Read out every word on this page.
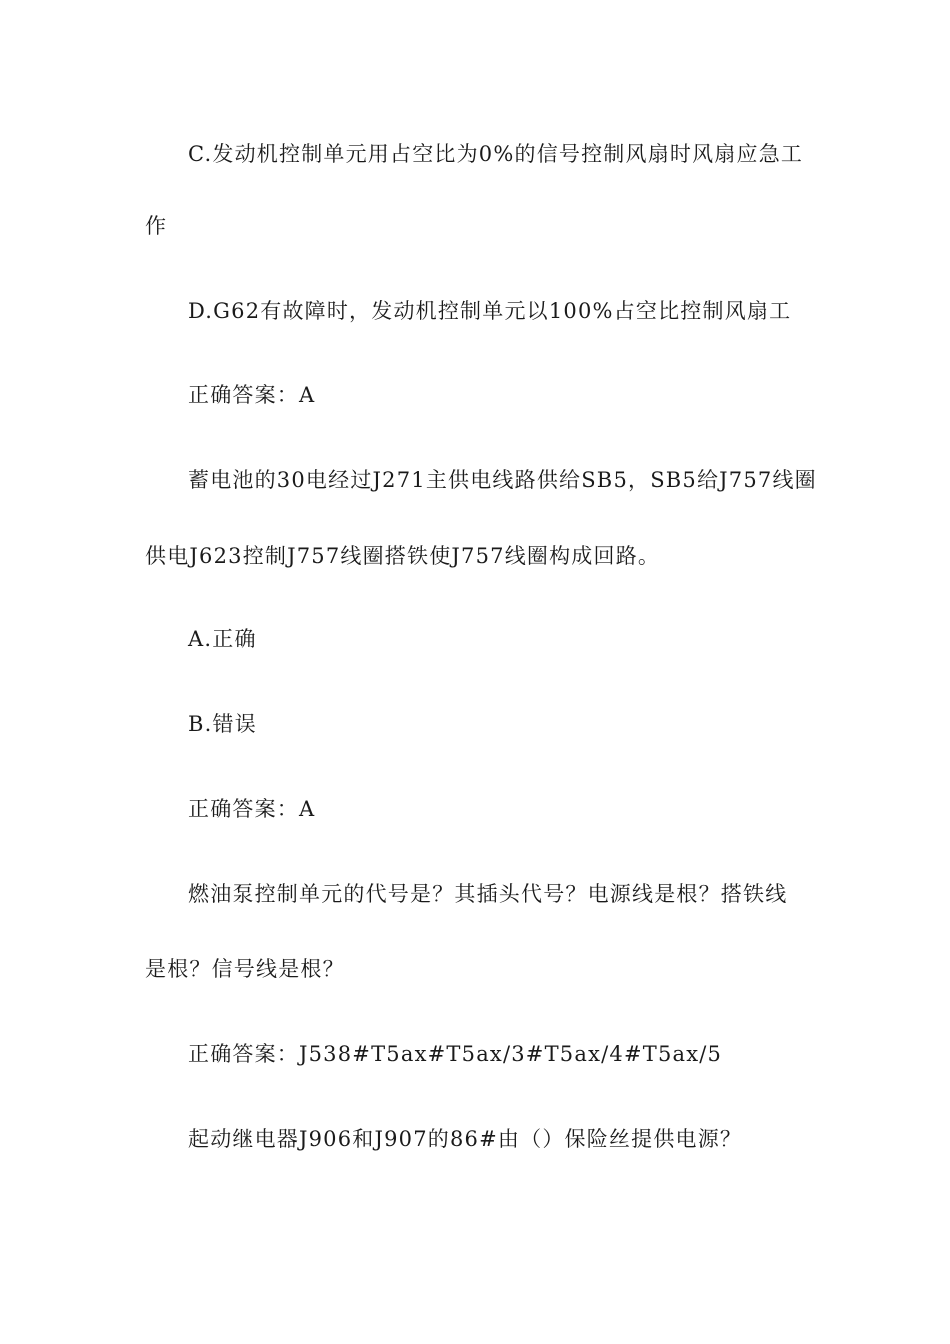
C.发动机控制单元用占空比为0%的信号控制风扇时风扇应急工
作
D.G62有故障时，发动机控制单元以100%占空比控制风扇工
正确答案：A
蓄电池的30电经过J271主供电线路供给SB5，SB5给J757线圈
供电J623控制J757线圈搭铁使J757线圈构成回路。
A.正确
B.错误
正确答案：A
燃油泵控制单元的代号是？其插头代号？电源线是根？搭铁线
是根？信号线是根？
正确答案：J538#T5ax#T5ax/3#T5ax/4#T5ax/5
起动继电器J906和J907的86#由（）保险丝提供电源？
